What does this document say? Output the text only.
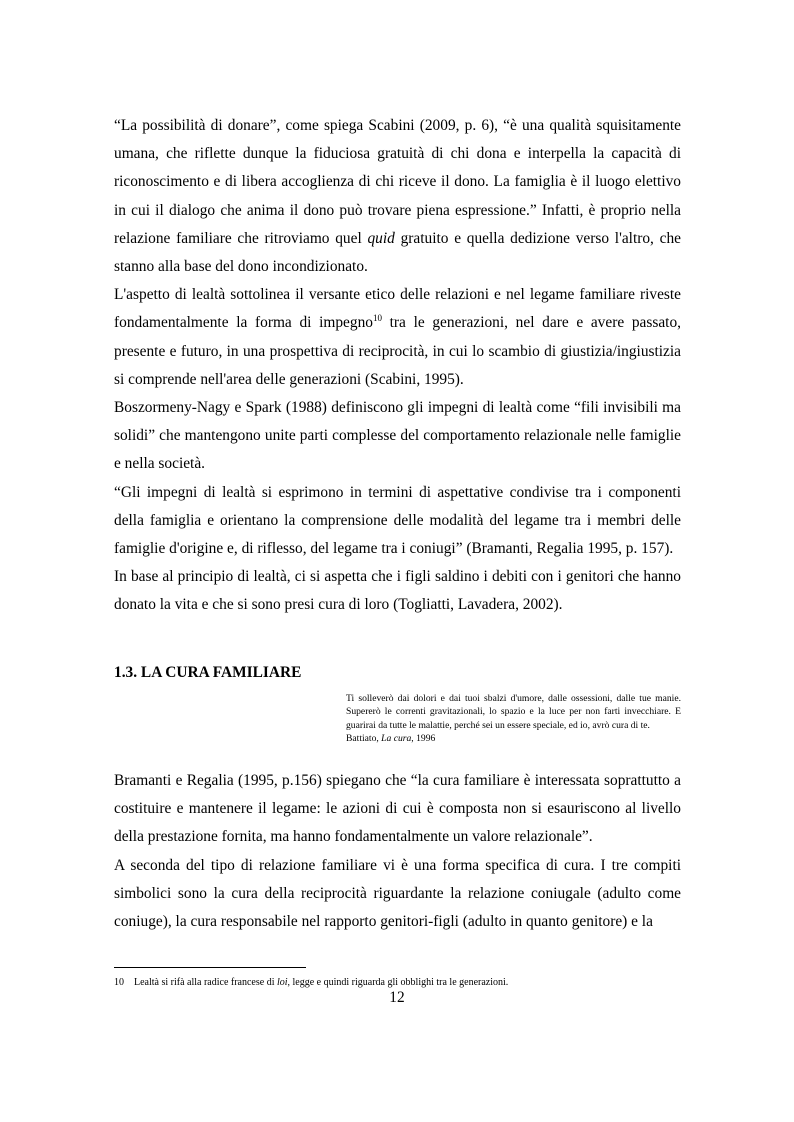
“La possibilità di donare”, come spiega Scabini (2009, p. 6), “è una qualità squisitamente umana, che riflette dunque la fiduciosa gratuità di chi dona e interpella la capacità di riconoscimento e di libera accoglienza di chi riceve il dono. La famiglia è il luogo elettivo in cui il dialogo che anima il dono può trovare piena espressione.” Infatti, è proprio nella relazione familiare che ritroviamo quel quid gratuito e quella dedizione verso l'altro, che stanno alla base del dono incondizionato.

L'aspetto di lealtà sottolinea il versante etico delle relazioni e nel legame familiare riveste fondamentalmente la forma di impegno$^{10}$ tra le generazioni, nel dare e avere passato, presente e futuro, in una prospettiva di reciprocità, in cui lo scambio di giustizia/ingiustizia si comprende nell'area delle generazioni (Scabini, 1995).

Boszormeny-Nagy e Spark (1988) definiscono gli impegni di lealtà come “fili invisibili ma solidi” che mantengono unite parti complesse del comportamento relazionale nelle famiglie e nella società.

“Gli impegni di lealtà si esprimono in termini di aspettative condivise tra i componenti della famiglia e orientano la comprensione delle modalità del legame tra i membri delle famiglie d'origine e, di riflesso, del legame tra i coniugi” (Bramanti, Regalia 1995, p. 157).

In base al principio di lealtà, ci si aspetta che i figli saldino i debiti con i genitori che hanno donato la vita e che si sono presi cura di loro (Togliatti, Lavadera, 2002).

1.3. LA CURA FAMILIARE
Ti solleverò dai dolori e dai tuoi sbalzi d'umore, dalle ossessioni, dalle tue manie. Supererò le correnti gravitazionali, lo spazio e la luce per non farti invecchiare. E guarirai da tutte le malattie, perché sei un essere speciale, ed io, avrò cura di te.
Battiato, La cura, 1996

Bramanti e Regalia (1995, p.156) spiegano che “la cura familiare è interessata soprattutto a costituire e mantenere il legame: le azioni di cui è composta non si esauriscono al livello della prestazione fornita, ma hanno fondamentalmente un valore relazionale”.

A seconda del tipo di relazione familiare vi è una forma specifica di cura. I tre compiti simbolici sono la cura della reciprocità riguardante la relazione coniugale (adulto come coniuge), la cura responsabile nel rapporto genitori-figli (adulto in quanto genitore) e la

10 Lealtà si rifà alla radice francese di loi, legge e quindi riguarda gli obblighi tra le generazioni.
12
